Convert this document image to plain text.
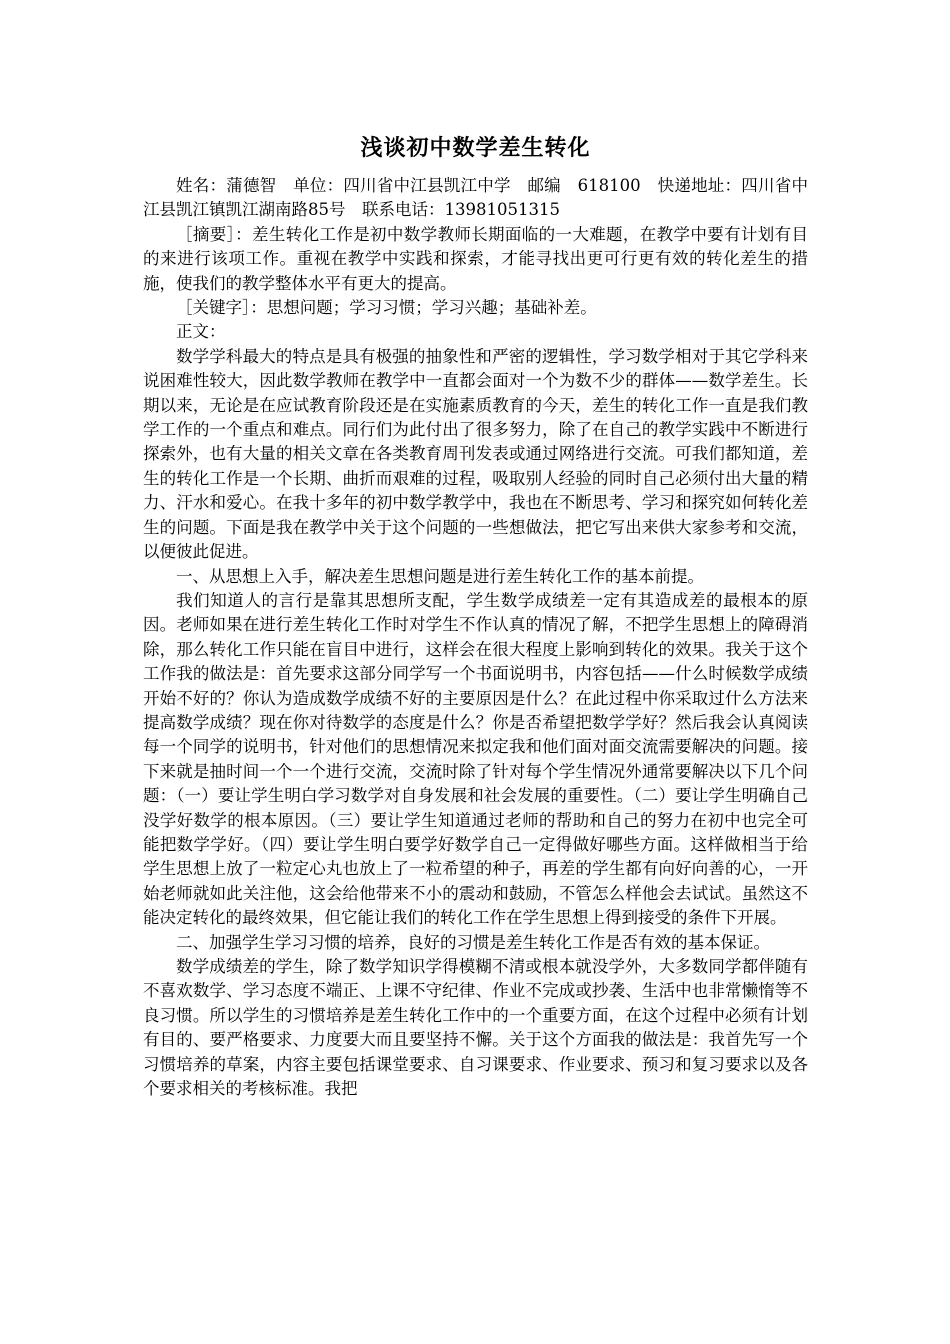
浅谈初中数学差生转化

姓名：蒲德智　单位：四川省中江县凯江中学　邮编　618100　快递地址：四川省中江县凯江镇凯江湖南路85号　联系电话：13981051315

［摘要］：差生转化工作是初中数学教师长期面临的一大难题，在教学中要有计划有目的来进行该项工作。重视在教学中实践和探索，才能寻找出更可行更有效的转化差生的措施，使我们的教学整体水平有更大的提高。

［关键字］：思想问题；学习习惯；学习兴趣；基础补差。

正文：

数学学科最大的特点是具有极强的抽象性和严密的逻辑性，学习数学相对于其它学科来说困难性较大，因此数学教师在教学中一直都会面对一个为数不少的群体——数学差生。长期以来，无论是在应试教育阶段还是在实施素质教育的今天，差生的转化工作一直是我们教学工作的一个重点和难点。同行们为此付出了很多努力，除了在自己的教学实践中不断进行探索外，也有大量的相关文章在各类教育周刊发表或通过网络进行交流。可我们都知道，差生的转化工作是一个长期、曲折而艰难的过程，吸取别人经验的同时自己必须付出大量的精力、汗水和爱心。在我十多年的初中数学教学中，我也在不断思考、学习和探究如何转化差生的问题。下面是我在教学中关于这个问题的一些想做法，把它写出来供大家参考和交流，以便彼此促进。

一、从思想上入手，解决差生思想问题是进行差生转化工作的基本前提。

我们知道人的言行是靠其思想所支配，学生数学成绩差一定有其造成差的最根本的原因。老师如果在进行差生转化工作时对学生不作认真的情况了解，不把学生思想上的障碍消除，那么转化工作只能在盲目中进行，这样会在很大程度上影响到转化的效果。我关于这个工作我的做法是：首先要求这部分同学写一个书面说明书，内容包括——什么时候数学成绩开始不好的？你认为造成数学成绩不好的主要原因是什么？在此过程中你采取过什么方法来提高数学成绩？现在你对待数学的态度是什么？你是否希望把数学学好？然后我会认真阅读每一个同学的说明书，针对他们的思想情况来拟定我和他们面对面交流需要解决的问题。接下来就是抽时间一个一个进行交流，交流时除了针对每个学生情况外通常要解决以下几个问题：（一）要让学生明白学习数学对自身发展和社会发展的重要性。（二）要让学生明确自己没学好数学的根本原因。（三）要让学生知道通过老师的帮助和自己的努力在初中也完全可能把数学学好。（四）要让学生明白要学好数学自己一定得做好哪些方面。这样做相当于给学生思想上放了一粒定心丸也放上了一粒希望的种子，再差的学生都有向好向善的心，一开始老师就如此关注他，这会给他带来不小的震动和鼓励，不管怎么样他会去试试。虽然这不能决定转化的最终效果，但它能让我们的转化工作在学生思想上得到接受的条件下开展。

二、加强学生学习习惯的培养，良好的习惯是差生转化工作是否有效的基本保证。

数学成绩差的学生，除了数学知识学得模糊不清或根本就没学外，大多数同学都伴随有不喜欢数学、学习态度不端正、上课不守纪律、作业不完成或抄袭、生活中也非常懒惰等不良习惯。所以学生的习惯培养是差生转化工作中的一个重要方面，在这个过程中必须有计划有目的、要严格要求、力度要大而且要坚持不懈。关于这个方面我的做法是：我首先写一个习惯培养的草案，内容主要包括课堂要求、自习课要求、作业要求、预习和复习要求以及各个要求相关的考核标准。我把
